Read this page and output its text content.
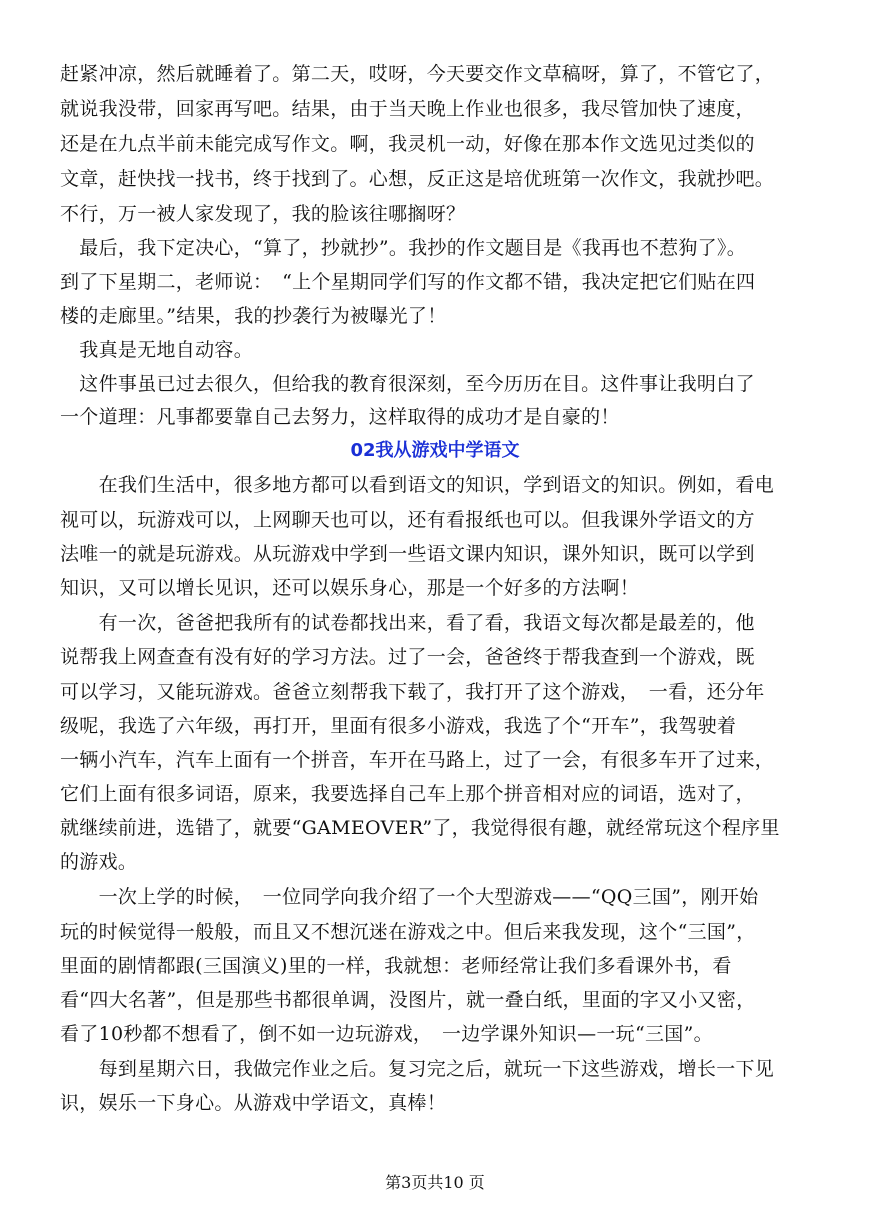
赶紧冲凉，然后就睡着了。第二天，哎呀，今天要交作文草稿呀，算了，不管它了，
就说我没带，回家再写吧。结果，由于当天晚上作业也很多，我尽管加快了速度，
还是在九点半前未能完成写作文。啊，我灵机一动，好像在那本作文选见过类似的
文章，赶快找一找书，终于找到了。心想，反正这是培优班第一次作文，我就抄吧。
不行，万一被人家发现了，我的脸该往哪搁呀？
　最后，我下定决心，“算了，抄就抄”。我抄的作文题目是《我再也不惹狗了》。
到了下星期二，老师说：　“上个星期同学们写的作文都不错，我决定把它们贴在四
楼的走廊里。”结果，我的抄袭行为被曝光了！
　我真是无地自动容。
　这件事虽已过去很久，但给我的教育很深刻，至今历历在目。这件事让我明白了
一个道理：凡事都要靠自己去努力，这样取得的成功才是自豪的！
02我从游戏中学语文
　　在我们生活中，很多地方都可以看到语文的知识，学到语文的知识。例如，看电
视可以，玩游戏可以，上网聊天也可以，还有看报纸也可以。但我课外学语文的方
法唯一的就是玩游戏。从玩游戏中学到一些语文课内知识，课外知识，既可以学到
知识，又可以增长见识，还可以娱乐身心，那是一个好多的方法啊！
　　有一次，爸爸把我所有的试卷都找出来，看了看，我语文每次都是最差的，他
说帮我上网查查有没有好的学习方法。过了一会，爸爸终于帮我查到一个游戏，既
可以学习，又能玩游戏。爸爸立刻帮我下载了，我打开了这个游戏，　一看，还分年
级呢，我选了六年级，再打开，里面有很多小游戏，我选了个“开车”，我驾驶着
一辆小汽车，汽车上面有一个拼音，车开在马路上，过了一会，有很多车开了过来，
它们上面有很多词语，原来，我要选择自己车上那个拼音相对应的词语，选对了，
就继续前进，选错了，就要“GAMEOVER”了，我觉得很有趣，就经常玩这个程序里
的游戏。
　　一次上学的时候，　一位同学向我介绍了一个大型游戏——“QQ三国”，刚开始
玩的时候觉得一般般，而且又不想沉迷在游戏之中。但后来我发现，这个“三国”，
里面的剧情都跟(三国演义)里的一样，我就想：老师经常让我们多看课外书，看
看“四大名著”，但是那些书都很单调，没图片，就一叠白纸，里面的字又小又密，
看了10秒都不想看了，倒不如一边玩游戏，　一边学课外知识—一玩“三国”。
　　每到星期六日，我做完作业之后。复习完之后，就玩一下这些游戏，增长一下见
识，娱乐一下身心。从游戏中学语文，真棒！
第3页共10 页
